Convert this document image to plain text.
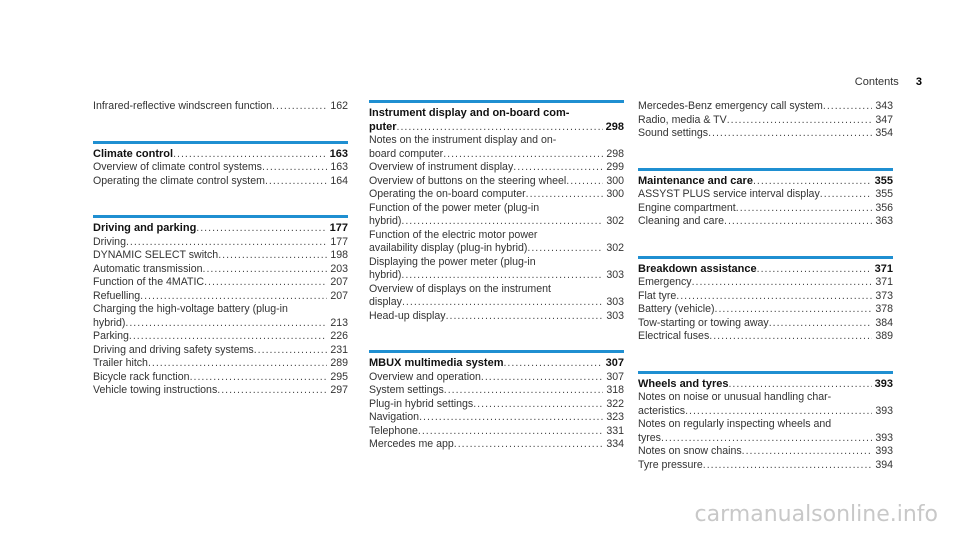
Contents 3
Infrared-reflective windscreen function .....	162
Climate control .....	163
Overview of climate control systems .....	163
Operating the climate control system .....	164
Driving and parking .....	177
Driving .....	177
DYNAMIC SELECT switch .....	198
Automatic transmission .....	203
Function of the 4MATIC .....	207
Refuelling .....	207
Charging the high-voltage battery (plug-in
hybrid) .....	213
Parking .....	226
Driving and driving safety systems .....	231
Trailer hitch .....	289
Bicycle rack function .....	295
Vehicle towing instructions .....	297
Instrument display and on-board com-
puter .....	298
Notes on the instrument display and on-
board computer .....	298
Overview of instrument display .....	299
Overview of buttons on the steering wheel .....	300
Operating the on-board computer .....	300
Function of the power meter (plug-in
hybrid) .....	302
Function of the electric motor power
availability display (plug-in hybrid) .....	302
Displaying the power meter (plug-in
hybrid) .....	303
Overview of displays on the instrument
display .....	303
Head-up display .....	303
MBUX multimedia system .....	307
Overview and operation .....	307
System settings .....	318
Plug-in hybrid settings .....	322
Navigation .....	323
Telephone .....	331
Mercedes me app .....	334
Mercedes-Benz emergency call system .....	343
Radio, media & TV .....	347
Sound settings .....	354
Maintenance and care .....	355
ASSYST PLUS service interval display .....	355
Engine compartment .....	356
Cleaning and care .....	363
Breakdown assistance .....	371
Emergency .....	371
Flat tyre .....	373
Battery (vehicle) .....	378
Tow-starting or towing away .....	384
Electrical fuses .....	389
Wheels and tyres .....	393
Notes on noise or unusual handling char-
acteristics .....	393
Notes on regularly inspecting wheels and
tyres .....	393
Notes on snow chains .....	393
Tyre pressure .....	394
carmanualsonline.info
